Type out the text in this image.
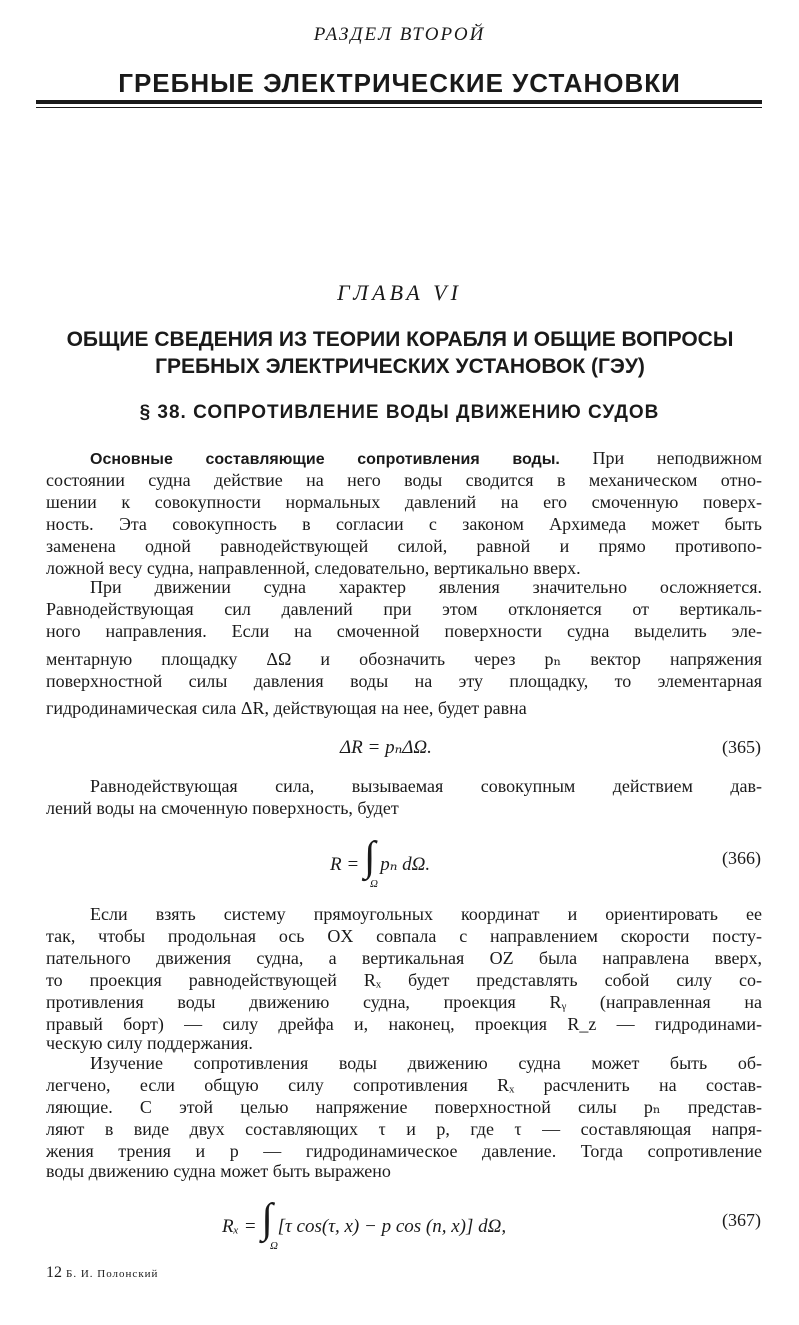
РАЗДЕЛ ВТОРОЙ
ГРЕБНЫЕ ЭЛЕКТРИЧЕСКИЕ УСТАНОВКИ
ГЛАВА VI
ОБЩИЕ СВЕДЕНИЯ ИЗ ТЕОРИИ КОРАБЛЯ И ОБЩИЕ ВОПРОСЫ
ГРЕБНЫХ ЭЛЕКТРИЧЕСКИХ УСТАНОВОК (ГЭУ)
§ 38. СОПРОТИВЛЕНИЕ ВОДЫ ДВИЖЕНИЮ СУДОВ
Основные составляющие сопротивления воды. При неподвижном
состоянии судна действие на него воды сводится в механическом отно-
шении к совокупности нормальных давлений на его смоченную поверх-
ность. Эта совокупность в согласии с законом Архимеда может быть
заменена одной равнодействующей силой, равной и прямо противопо-
ложной весу судна, направленной, следовательно, вертикально вверх.
При движении судна характер явления значительно осложняется.
Равнодействующая сил давлений при этом отклоняется от вертикаль-
ного направления. Если на смоченной поверхности судна выделить эле-
ментарную площадку ΔΩ и обозначить через pₙ вектор напряжения
поверхностной силы давления воды на эту площадку, то элементарная
гидродинамическая сила ΔR, действующая на нее, будет равна
ΔR = pₙΔΩ.	(365)
Равнодействующая сила, вызываемая совокупным действием дав-
лений воды на смоченную поверхность, будет
R = ∫ pₙ dΩ.
Ω
(366)
Если взять систему прямоугольных координат и ориентировать ее
так, чтобы продольная ось OX совпала с направлением скорости посту-
пательного движения судна, а вертикальная OZ была направлена вверх,
то проекция равнодействующей Rₓ будет представлять собой силу со-
противления воды движению судна, проекция Rᵧ (направленная на
правый борт) — силу дрейфа и, наконец, проекция R_z — гидродинами-
ческую силу поддержания.
Изучение сопротивления воды движению судна может быть об-
легчено, если общую силу сопротивления Rₓ расчленить на состав-
ляющие. С этой целью напряжение поверхностной силы pₙ представ-
ляют в виде двух составляющих τ и p, где τ — составляющая напря-
жения трения и p — гидродинамическое давление. Тогда сопротивление
воды движению судна может быть выражено
Rₓ = ∫ [τ cos(τ, x) − p cos (n, x)] dΩ,
Ω
(367)
12 Б. И. Полонский
